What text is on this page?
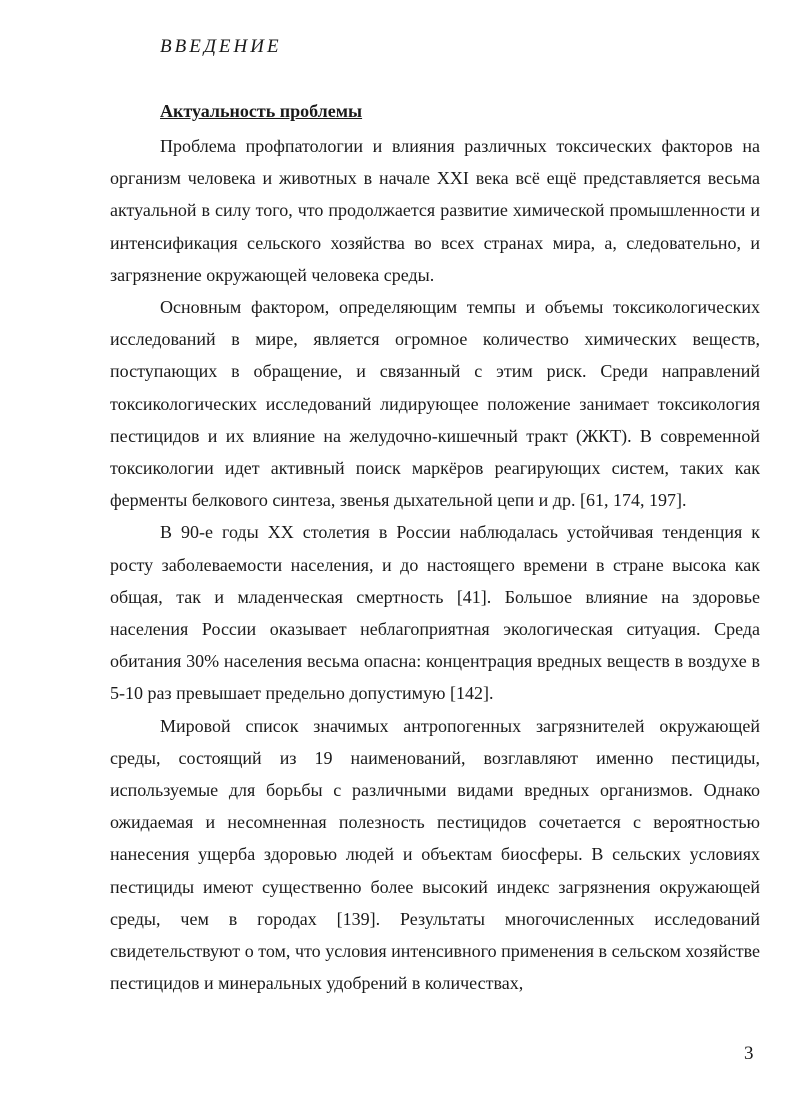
ВВЕДЕНИЕ
Актуальность проблемы

Проблема профпатологии и влияния различных токсических факторов на организм человека и животных в начале XXI века всё ещё представляется весьма актуальной в силу того, что продолжается развитие химической промышленности и интенсификация сельского хозяйства во всех странах мира, а, следовательно, и загрязнение окружающей человека среды.

Основным фактором, определяющим темпы и объемы токсикологических исследований в мире, является огромное количество химических веществ, поступающих в обращение, и связанный с этим риск. Среди направлений токсикологических исследований лидирующее положение занимает токсикология пестицидов и их влияние на желудочно-кишечный тракт (ЖКТ). В современной токсикологии идет активный поиск маркёров реагирующих систем, таких как ферменты белкового синтеза, звенья дыхательной цепи и др. [61, 174, 197].

В 90-е годы XX столетия в России наблюдалась устойчивая тенденция к росту заболеваемости населения, и до настоящего времени в стране высока как общая, так и младенческая смертность [41]. Большое влияние на здоровье населения России оказывает неблагоприятная экологическая ситуация. Среда обитания 30% населения весьма опасна: концентрация вредных веществ в воздухе в 5-10 раз превышает предельно допустимую [142].

Мировой список значимых антропогенных загрязнителей окружающей среды, состоящий из 19 наименований, возглавляют именно пестициды, используемые для борьбы с различными видами вредных организмов. Однако ожидаемая и несомненная полезность пестицидов сочетается с вероятностью нанесения ущерба здоровью людей и объектам биосферы. В сельских условиях пестициды имеют существенно более высокий индекс загрязнения окружающей среды, чем в городах [139]. Результаты многочисленных исследований свидетельствуют о том, что условия интенсивного применения в сельском хозяйстве пестицидов и минеральных удобрений в количествах,

3
